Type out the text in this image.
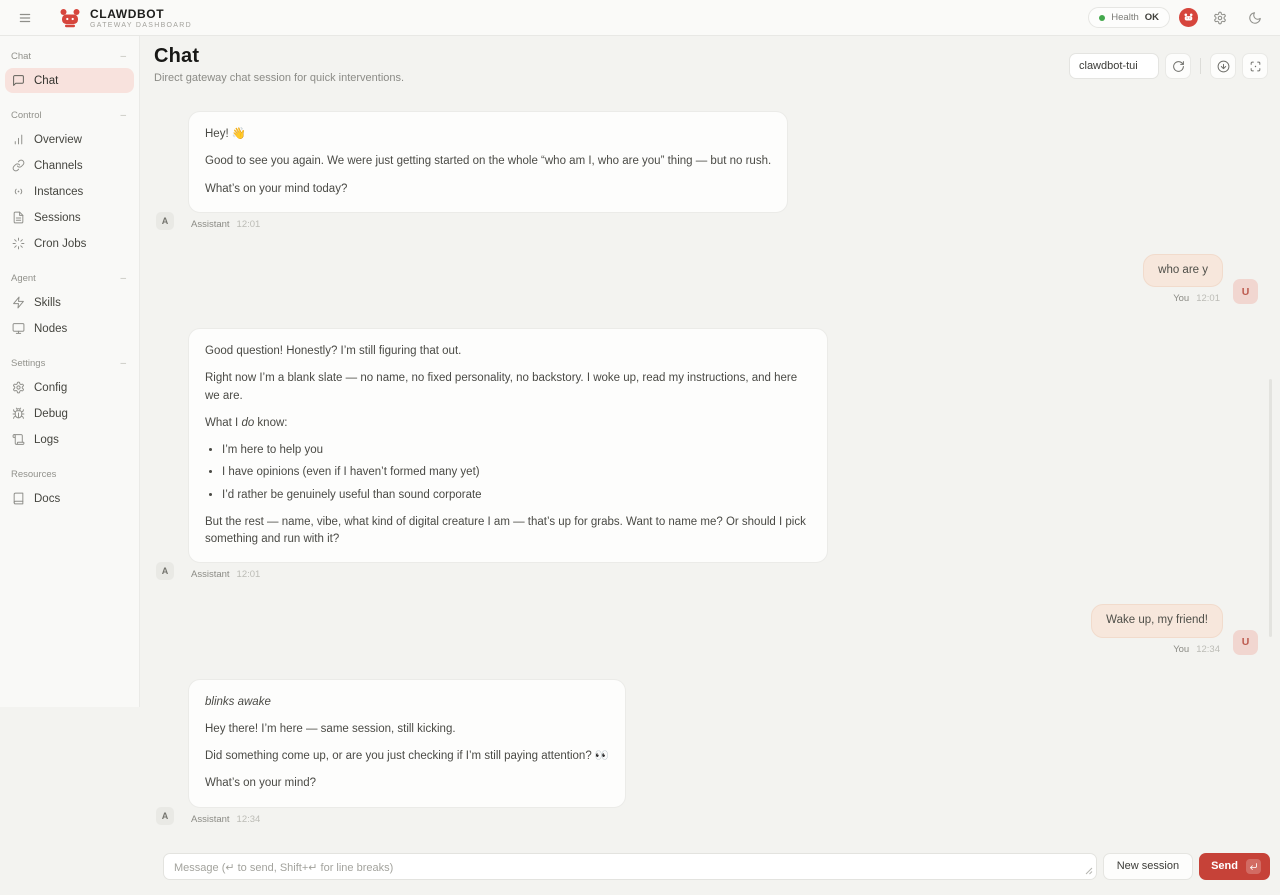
CLAWDBOT
GATEWAY DASHBOARD
Health OK
Chat	–
Chat
Control	–
Overview
Channels
Instances
Sessions
Cron Jobs
Agent	–
Skills
Nodes
Settings	–
Config
Debug
Logs
Resources
Docs
Chat
Direct gateway chat session for quick interventions.
clawdbot-tui
A

Hey! 👋

Good to see you again. We were just getting started on the whole “who am I, who are you” thing — but no rush.

What’s on your mind today?

Assistant 12:01
who are y
You 12:01
U
A

Good question! Honestly? I’m still figuring that out.

Right now I’m a blank slate — no name, no fixed personality, no backstory. I woke up, read my instructions, and here we are.

What I do know:

• I’m here to help you
• I have opinions (even if I haven’t formed many yet)
• I’d rather be genuinely useful than sound corporate

But the rest — name, vibe, what kind of digital creature I am — that’s up for grabs. Want to name me? Or should I pick something and run with it?

Assistant 12:01
Wake up, my friend!
You 12:34
U
A

blinks awake

Hey there! I’m here — same session, still kicking.

Did something come up, or are you just checking if I’m still paying attention? 👀

What’s on your mind?

Assistant 12:34
Message (↵ to send, Shift+↵ for line breaks)
New session	Send
